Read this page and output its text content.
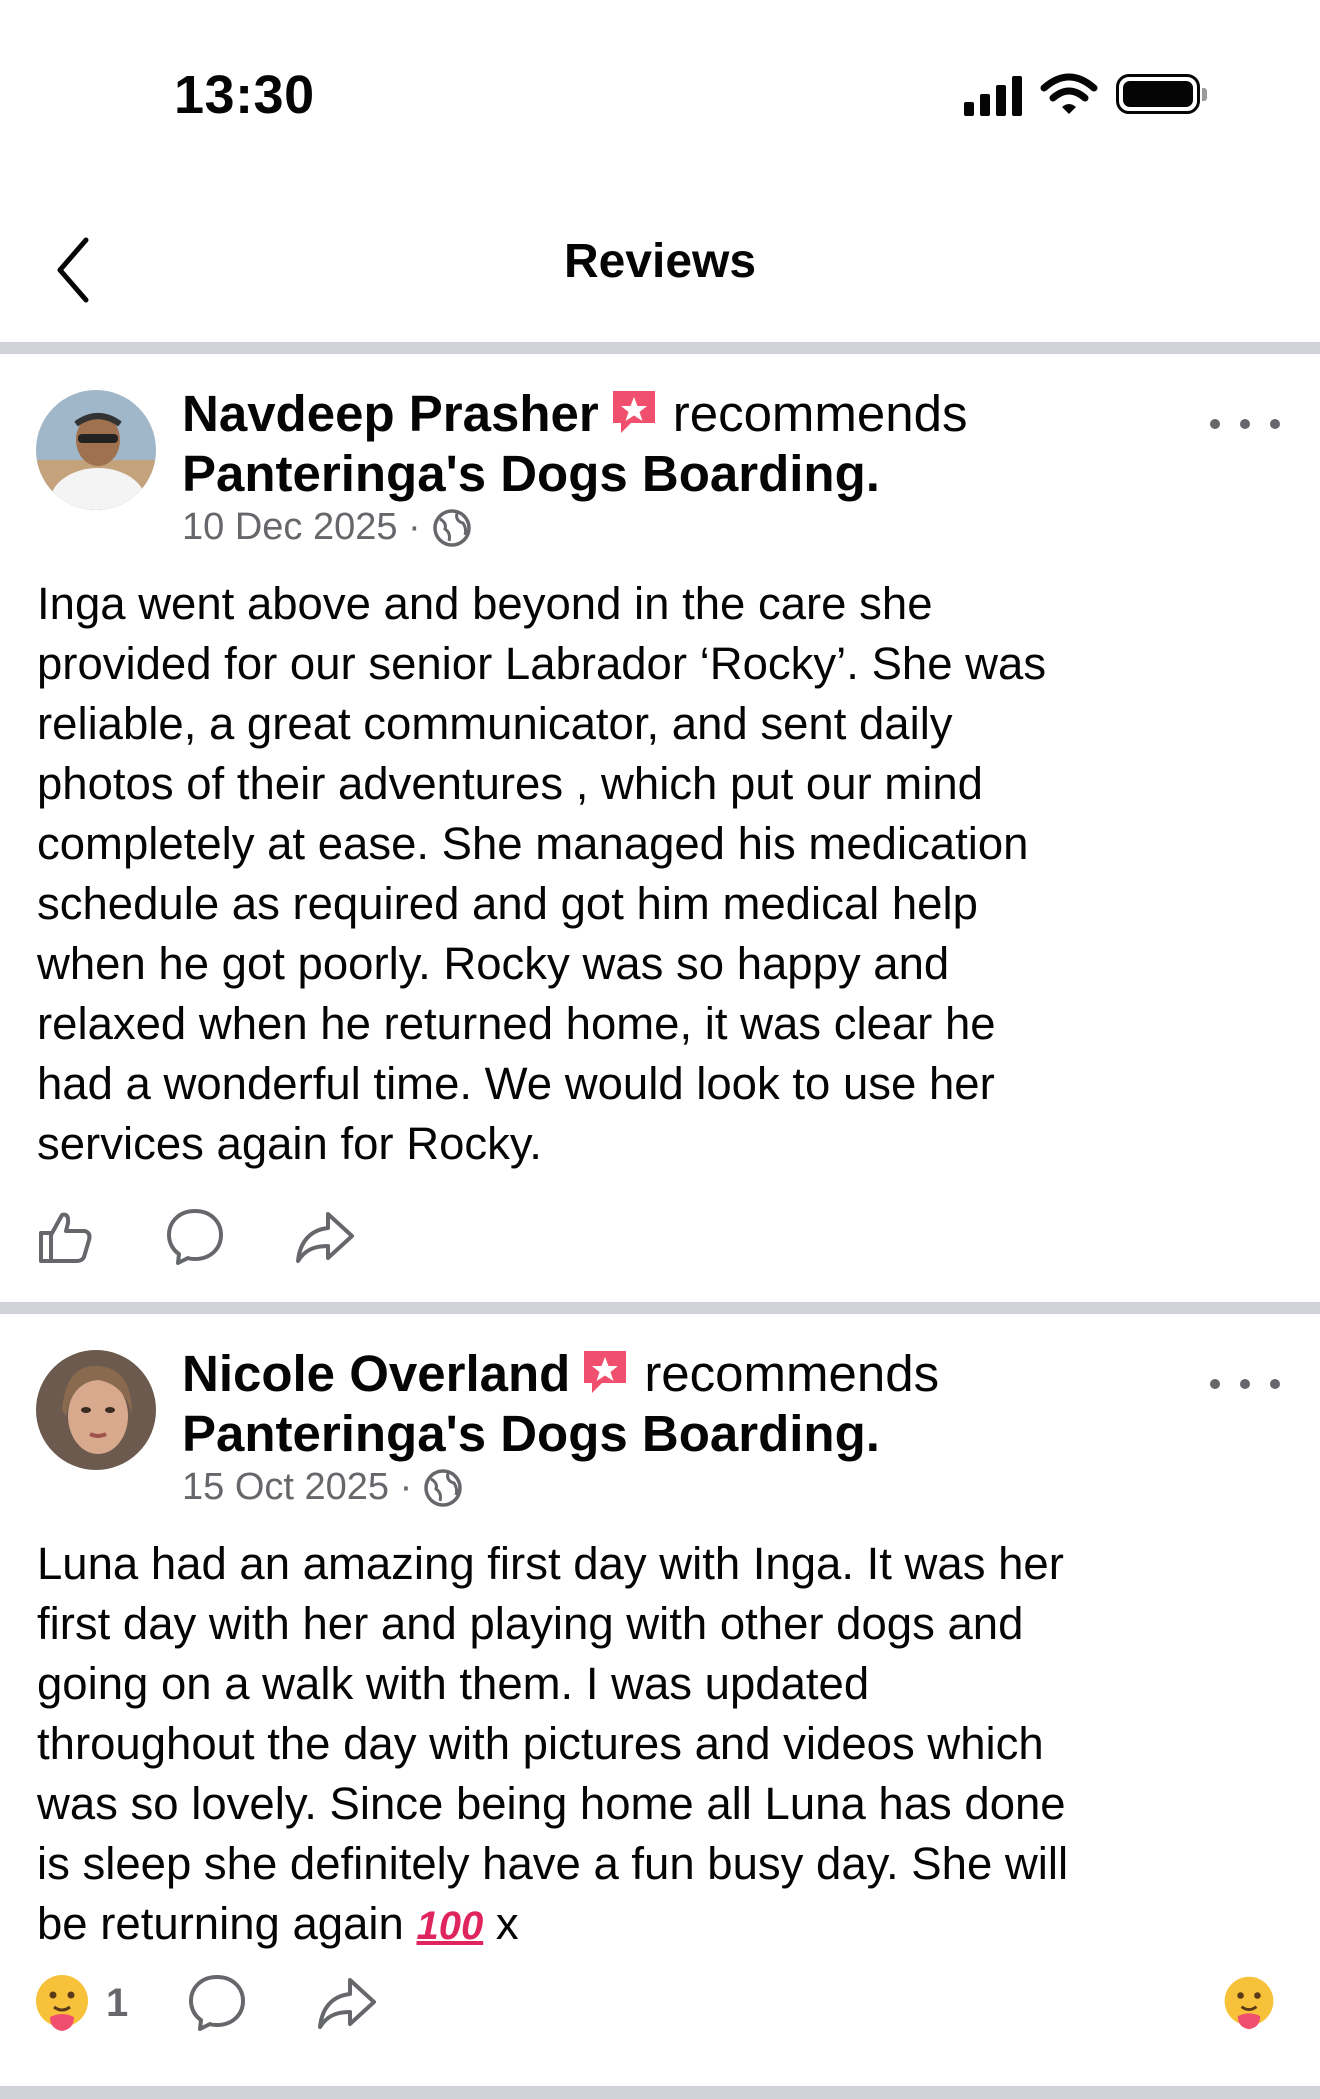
13:30
Reviews
Navdeep Prasher recommends
Panteringa's Dogs Boarding.
10 Dec 2025 ·
Inga went above and beyond in the care she
provided for our senior Labrador ‘Rocky’. She was
reliable, a great communicator, and sent daily
photos of their adventures , which put our mind
completely at ease. She managed his medication
schedule as required and got him medical help
when he got poorly. Rocky was so happy and
relaxed when he returned home, it was clear he
had a wonderful time. We would look to use her
services again for Rocky.
Nicole Overland recommends
Panteringa's Dogs Boarding.
15 Oct 2025 ·
Luna had an amazing first day with Inga. It was her
first day with her and playing with other dogs and
going on a walk with them. I was updated
throughout the day with pictures and videos which
was so lovely. Since being home all Luna has done
is sleep she definitely have a fun busy day. She will
be returning again 100 x
1
